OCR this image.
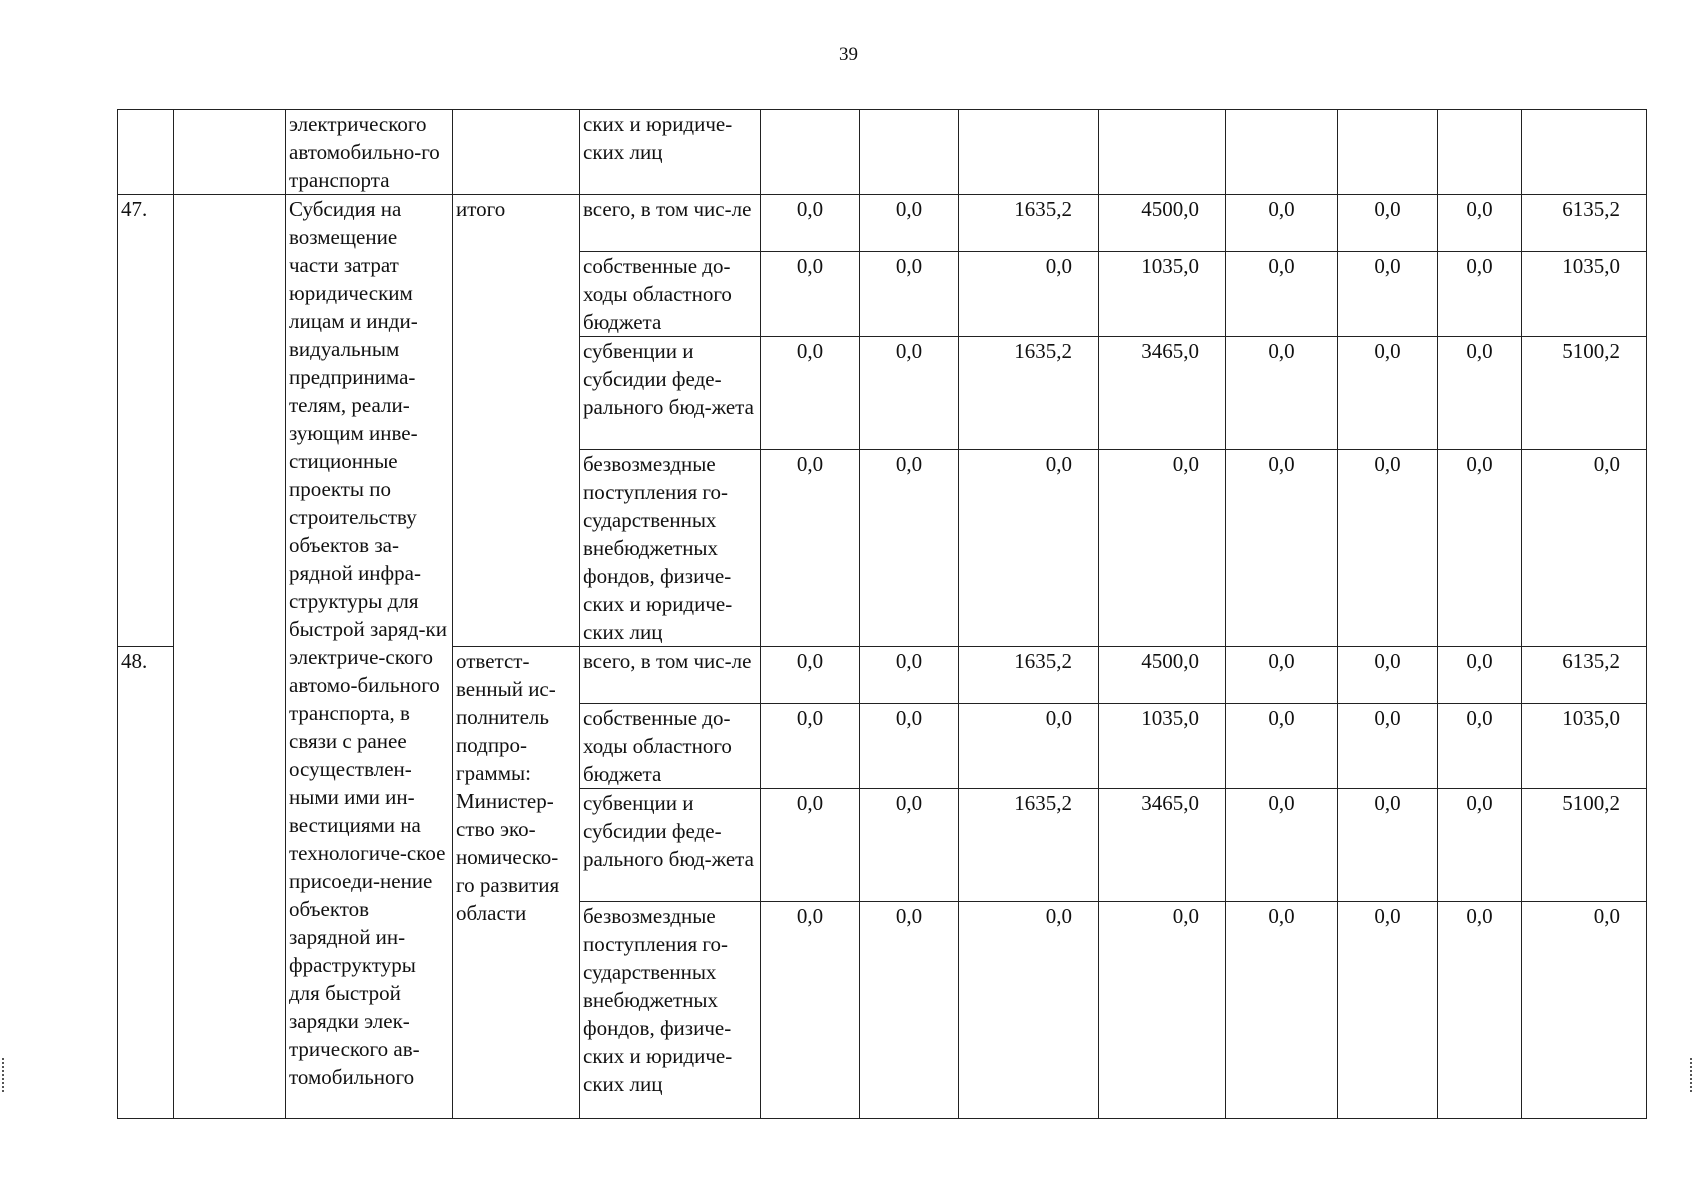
39
		электрического автомобильно-го транспорта		ских и юридиче-ских лиц								
47.		Субсидия на возмещение части затрат юридическим лицам и инди-видуальным предпринима-телям, реали-зующим инве-стиционные проекты по строительству объектов за-рядной инфра-структуры для быстрой заряд-ки электриче-ского автомо-бильного транспорта, в связи с ранее осуществлен-ными ими ин-вестициями на технологиче-ское присоеди-нение объектов зарядной ин-фраструктуры для быстрой зарядки элек-трического ав-томобильного	итого	всего, в том чис-ле	0,0	0,0	1635,2	4500,0	0,0	0,0	0,0	6135,2
				собственные до-ходы областного бюджета	0,0	0,0	0,0	1035,0	0,0	0,0	0,0	1035,0
				субвенции и субсидии феде-рального бюд-жета	0,0	0,0	1635,2	3465,0	0,0	0,0	0,0	5100,2
				безвозмездные поступления го-сударственных внебюджетных фондов, физиче-ских и юридиче-ских лиц	0,0	0,0	0,0	0,0	0,0	0,0	0,0	0,0
48.			ответст-венный ис-полнитель подпро-граммы: Министер-ство эко-номическо-го развития области	всего, в том чис-ле	0,0	0,0	1635,2	4500,0	0,0	0,0	0,0	6135,2
				собственные до-ходы областного бюджета	0,0	0,0	0,0	1035,0	0,0	0,0	0,0	1035,0
				субвенции и субсидии феде-рального бюд-жета	0,0	0,0	1635,2	3465,0	0,0	0,0	0,0	5100,2
				безвозмездные поступления го-сударственных внебюджетных фондов, физиче-ских и юридиче-ских лиц	0,0	0,0	0,0	0,0	0,0	0,0	0,0	0,0
